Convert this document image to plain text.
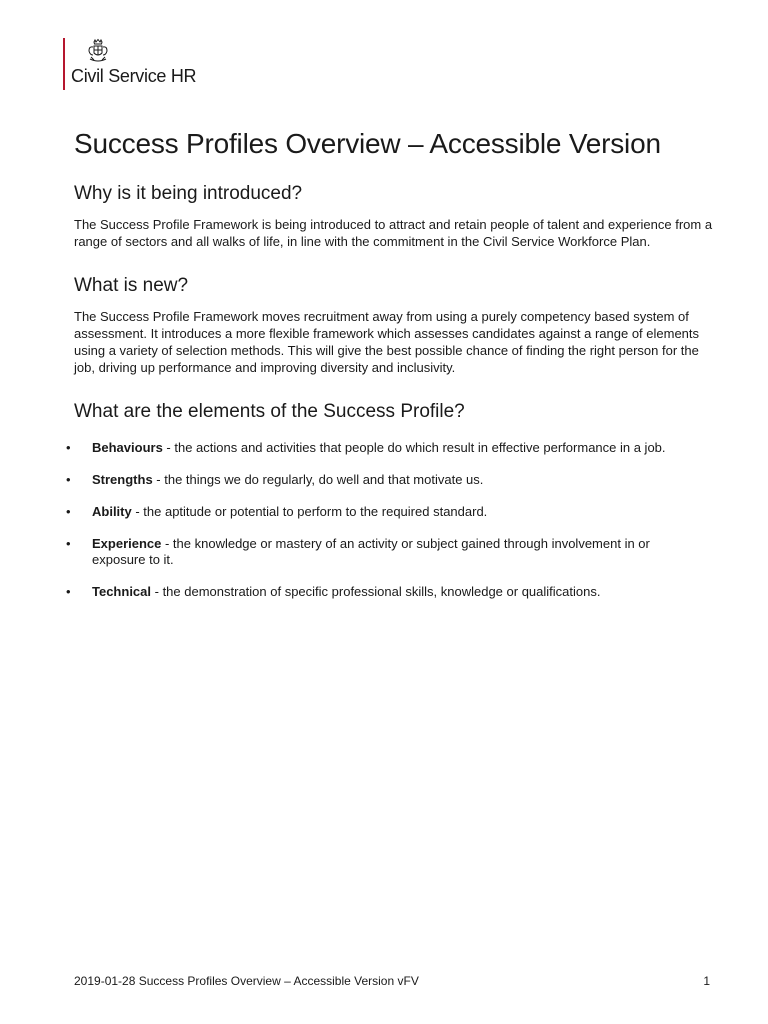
Civil Service HR
Success Profiles Overview – Accessible Version
Why is it being introduced?

The Success Profile Framework is being introduced to attract and retain people of talent and experience from a range of sectors and all walks of life, in line with the commitment in the Civil Service Workforce Plan.

What is new?

The Success Profile Framework moves recruitment away from using a purely competency based system of assessment. It introduces a more flexible framework which assesses candidates against a range of elements using a variety of selection methods. This will give the best possible chance of finding the right person for the job, driving up performance and improving diversity and inclusivity.

What are the elements of the Success Profile?
• Behaviours - the actions and activities that people do which result in effective performance in a job.
• Strengths - the things we do regularly, do well and that motivate us.
• Ability - the aptitude or potential to perform to the required standard.
• Experience - the knowledge or mastery of an activity or subject gained through involvement in or exposure to it.
• Technical - the demonstration of specific professional skills, knowledge or qualifications.
2019-01-28 Success Profiles Overview – Accessible Version vFV	1
